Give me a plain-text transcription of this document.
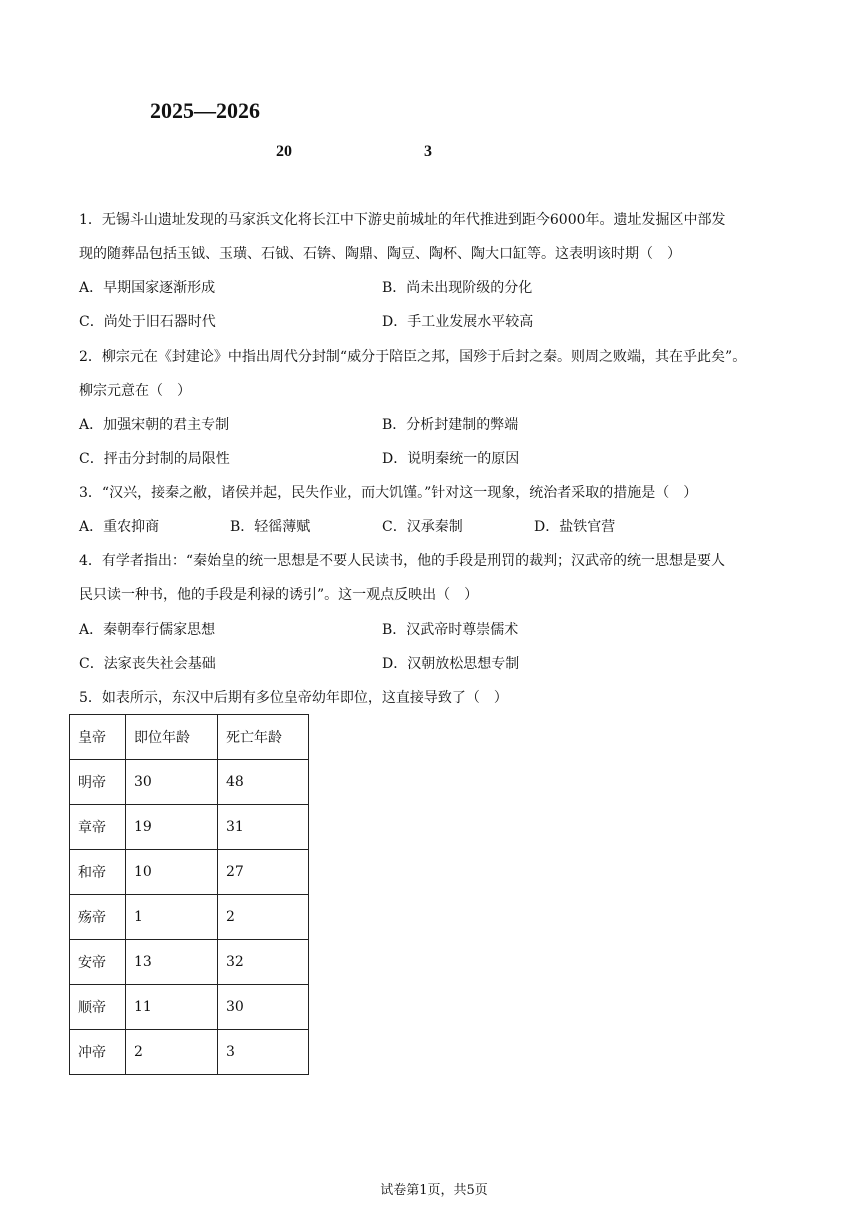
2025—2026
20	3
1．无锡斗山遗址发现的马家浜文化将长江中下游史前城址的年代推进到距今6000年。遗址发掘区中部发
现的随葬品包括玉钺、玉璜、石钺、石锛、陶鼎、陶豆、陶杯、陶大口缸等。这表明该时期（　）
A．早期国家逐渐形成	B．尚未出现阶级的分化
C．尚处于旧石器时代	D．手工业发展水平较高
2．柳宗元在《封建论》中指出周代分封制“威分于陪臣之邦，国殄于后封之秦。则周之败端，其在乎此矣”。
柳宗元意在（　）
A．加强宋朝的君主专制	B．分析封建制的弊端
C．抨击分封制的局限性	D．说明秦统一的原因
3．“汉兴，接秦之敝，诸侯并起，民失作业，而大饥馑。”针对这一现象，统治者采取的措施是（　）
A．重农抑商	B．轻徭薄赋	C．汉承秦制	D．盐铁官营
4．有学者指出：“秦始皇的统一思想是不要人民读书，他的手段是刑罚的裁判；汉武帝的统一思想是要人
民只读一种书，他的手段是利禄的诱引”。这一观点反映出（　）
A．秦朝奉行儒家思想	B．汉武帝时尊崇儒术
C．法家丧失社会基础	D．汉朝放松思想专制
5．如表所示，东汉中后期有多位皇帝幼年即位，这直接导致了（　）
皇帝	即位年龄	死亡年龄
明帝	30	48
章帝	19	31
和帝	10	27
殇帝	1	2
安帝	13	32
顺帝	11	30
冲帝	2	3
试卷第1页，共5页
